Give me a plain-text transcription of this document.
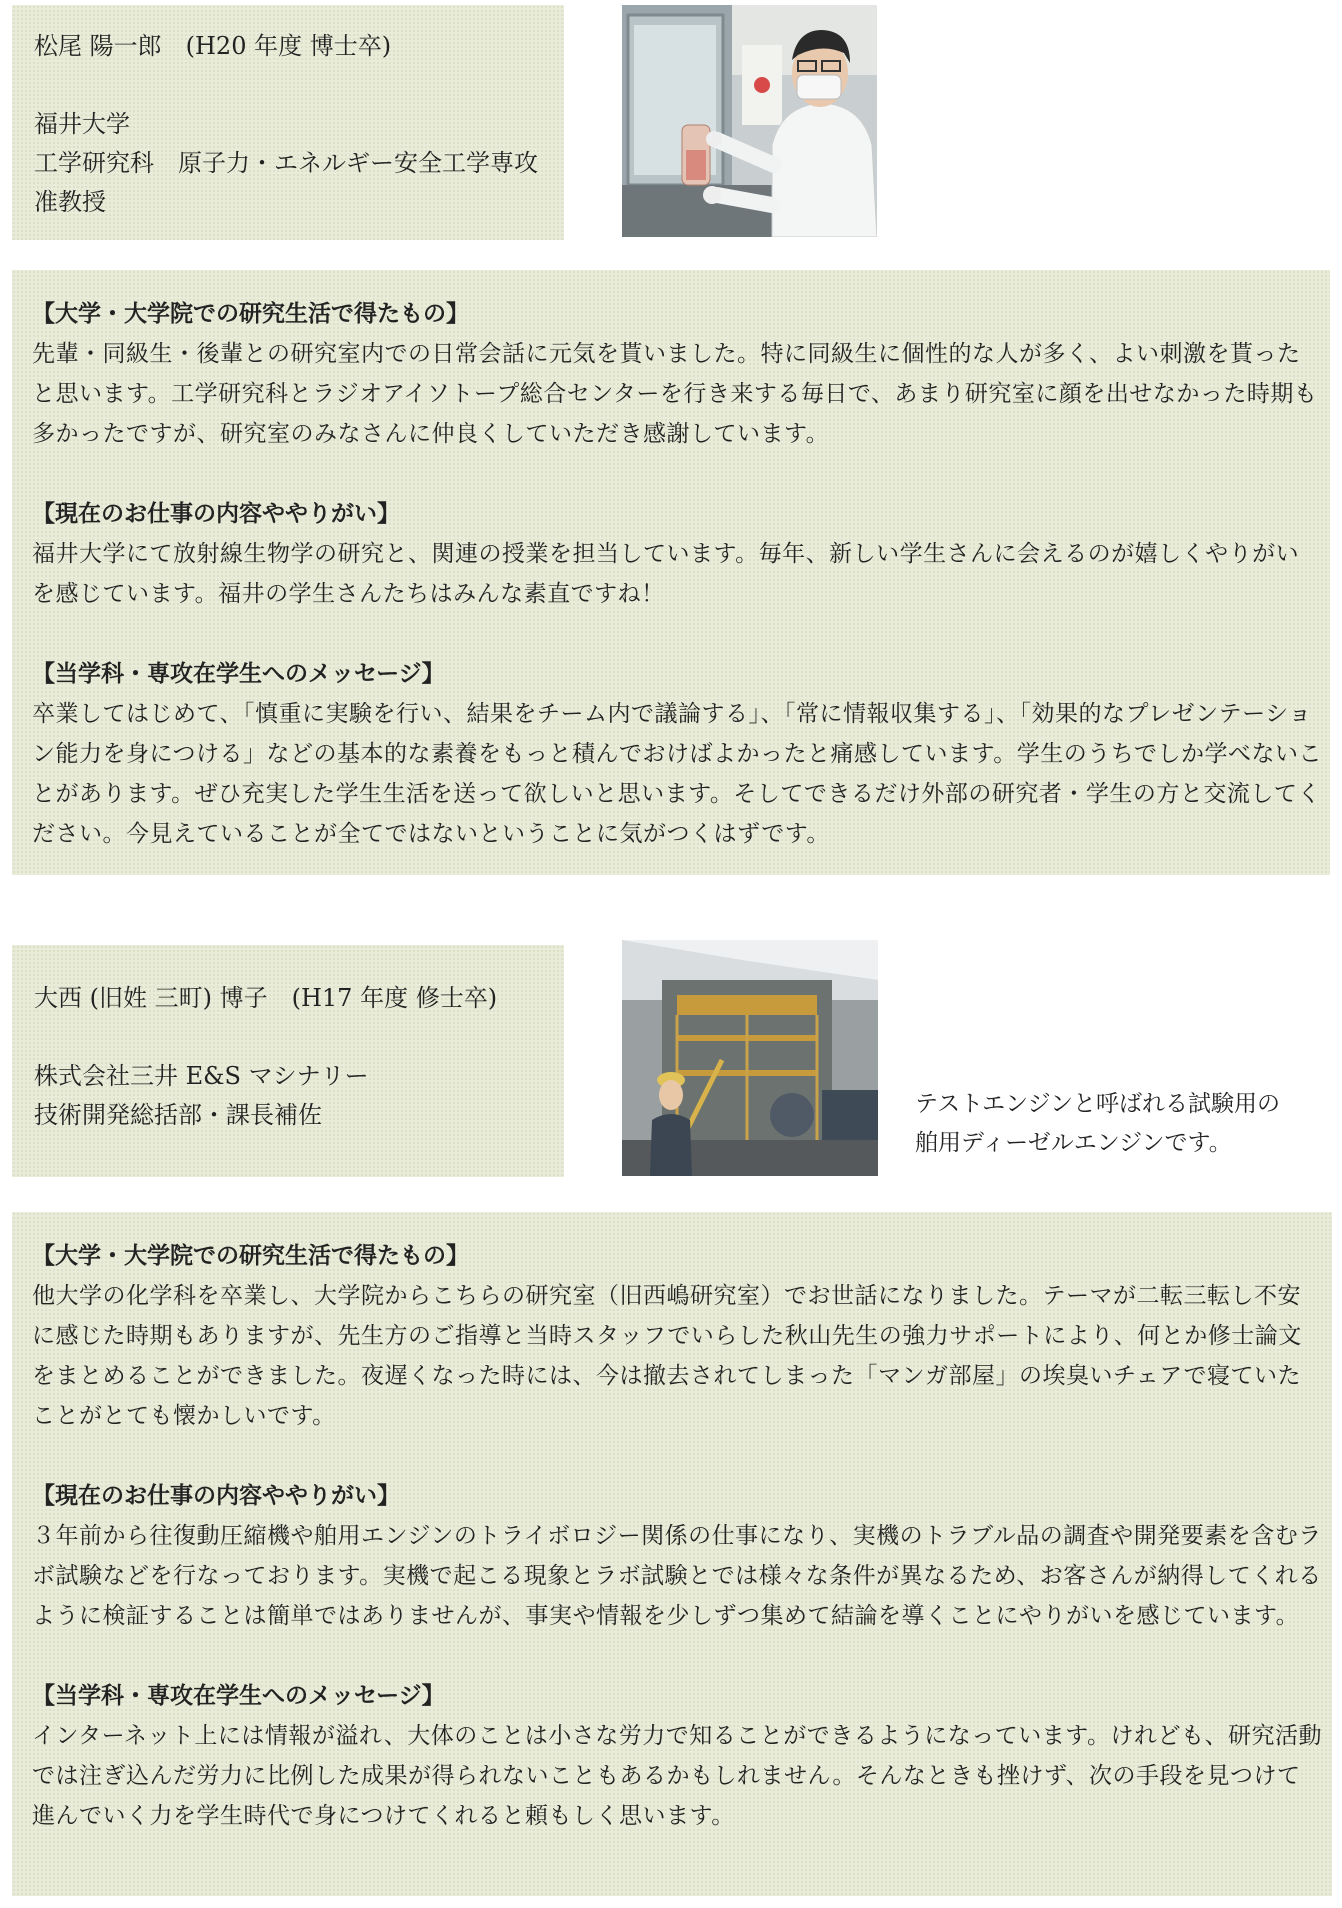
松尾 陽一郎　(H20 年度 博士卒)
福井大学
工学研究科　原子力・エネルギー安全工学専攻
准教授
【大学・大学院での研究生活で得たもの】
先輩・同級生・後輩との研究室内での日常会話に元気を貰いました。特に同級生に個性的な人が多く、よい刺激を貰ったと思います。工学研究科とラジオアイソトープ総合センターを行き来する毎日で、あまり研究室に顔を出せなかった時期も多かったですが、研究室のみなさんに仲良くしていただき感謝しています。
【現在のお仕事の内容ややりがい】
福井大学にて放射線生物学の研究と、関連の授業を担当しています。毎年、新しい学生さんに会えるのが嬉しくやりがいを感じています。福井の学生さんたちはみんな素直ですね！
【当学科・専攻在学生へのメッセージ】
卒業してはじめて、「慎重に実験を行い、結果をチーム内で議論する」、「常に情報収集する」、「効果的なプレゼンテーション能力を身につける」などの基本的な素養をもっと積んでおけばよかったと痛感しています。学生のうちでしか学べないことがあります。ぜひ充実した学生生活を送って欲しいと思います。そしてできるだけ外部の研究者・学生の方と交流してください。今見えていることが全てではないということに気がつくはずです。
大西 (旧姓 三町) 博子　(H17 年度 修士卒)
株式会社三井 E&S マシナリー
技術開発総括部・課長補佐	テストエンジンと呼ばれる試験用の
舶用ディーゼルエンジンです。
【大学・大学院での研究生活で得たもの】
他大学の化学科を卒業し、大学院からこちらの研究室（旧西嶋研究室）でお世話になりました。テーマが二転三転し不安に感じた時期もありますが、先生方のご指導と当時スタッフでいらした秋山先生の強力サポートにより、何とか修士論文をまとめることができました。夜遅くなった時には、今は撤去されてしまった「マンガ部屋」の埃臭いチェアで寝ていたことがとても懐かしいです。
【現在のお仕事の内容ややりがい】
３年前から往復動圧縮機や舶用エンジンのトライボロジー関係の仕事になり、実機のトラブル品の調査や開発要素を含むラボ試験などを行なっております。実機で起こる現象とラボ試験とでは様々な条件が異なるため、お客さんが納得してくれるように検証することは簡単ではありませんが、事実や情報を少しずつ集めて結論を導くことにやりがいを感じています。
【当学科・専攻在学生へのメッセージ】
インターネット上には情報が溢れ、大体のことは小さな労力で知ることができるようになっています。けれども、研究活動では注ぎ込んだ労力に比例した成果が得られないこともあるかもしれません。そんなときも挫けず、次の手段を見つけて進んでいく力を学生時代で身につけてくれると頼もしく思います。
